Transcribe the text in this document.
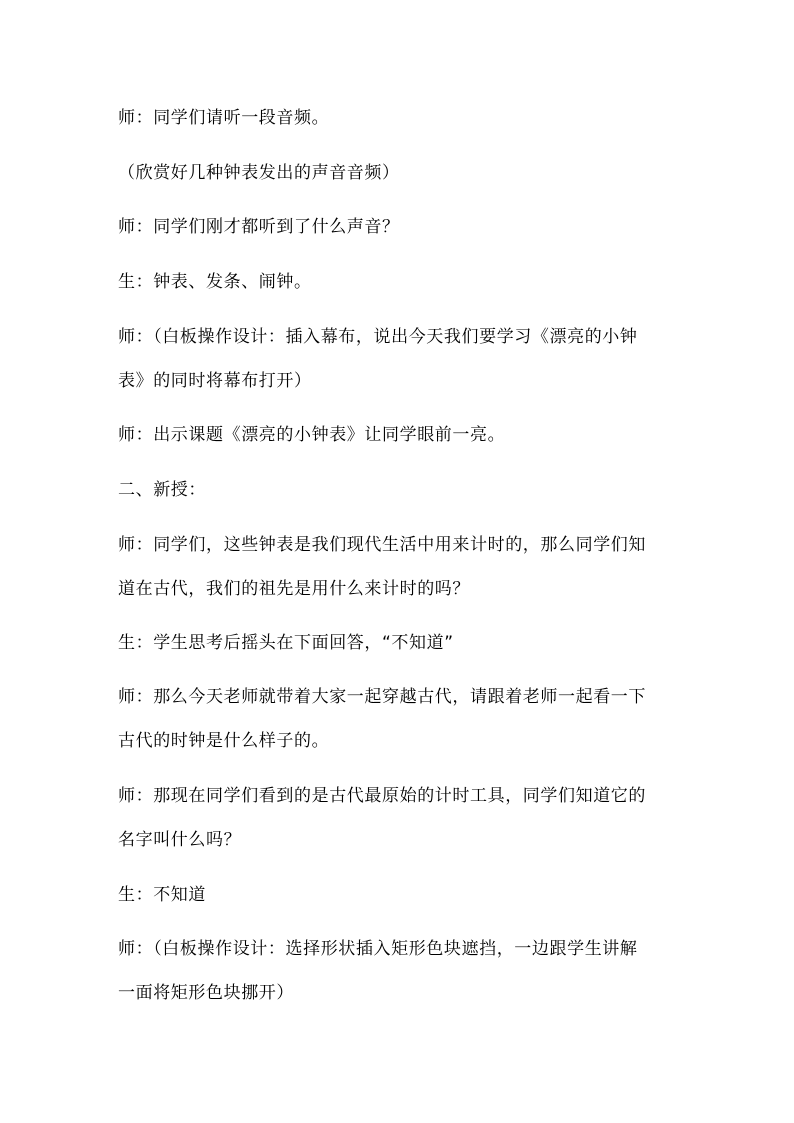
师：同学们请听一段音频。
（欣赏好几种钟表发出的声音音频）
师：同学们刚才都听到了什么声音？
生：钟表、发条、闹钟。
师：（白板操作设计：插入幕布，说出今天我们要学习《漂亮的小钟
表》的同时将幕布打开）
师：出示课题《漂亮的小钟表》让同学眼前一亮。
二、新授：
师：同学们，这些钟表是我们现代生活中用来计时的，那么同学们知
道在古代，我们的祖先是用什么来计时的吗？
生：学生思考后摇头在下面回答，“不知道”
师：那么今天老师就带着大家一起穿越古代，请跟着老师一起看一下
古代的时钟是什么样子的。
师：那现在同学们看到的是古代最原始的计时工具，同学们知道它的
名字叫什么吗？
生：不知道
师：（白板操作设计：选择形状插入矩形色块遮挡，一边跟学生讲解
一面将矩形色块挪开）
